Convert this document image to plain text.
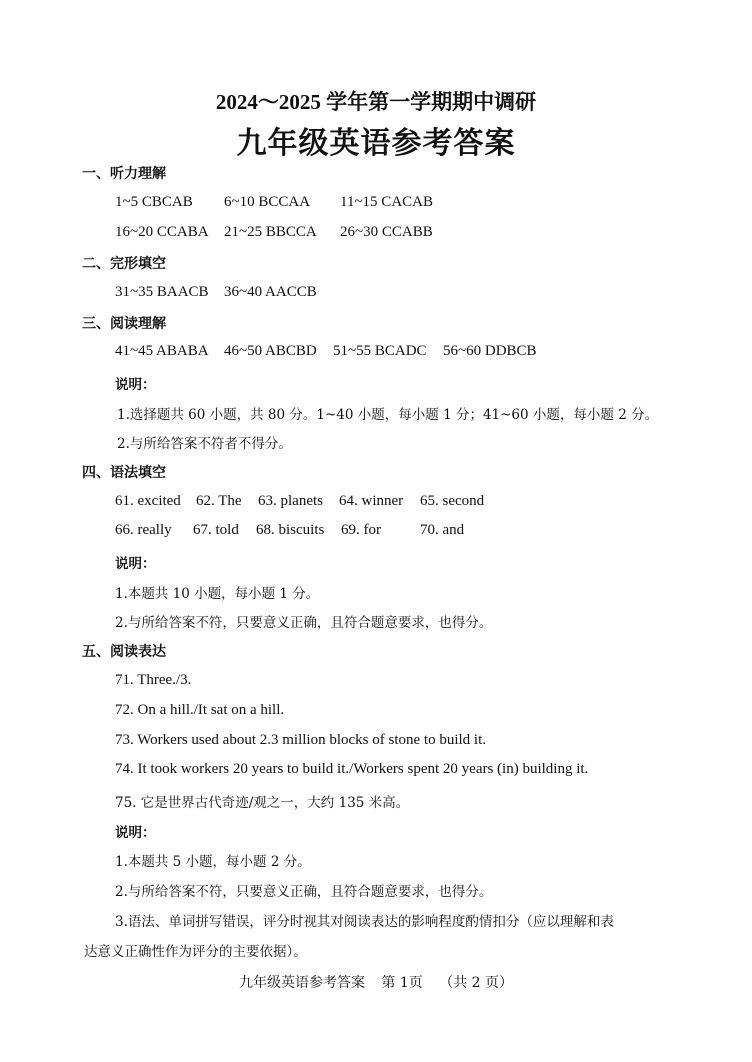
2024～2025 学年第一学期期中调研
九年级英语参考答案
一、听力理解
1~5 CBCAB 6~10 BCCAA 11~15 CACAB
16~20 CCABA 21~25 BBCCA 26~30 CCABB
二、完形填空
31~35 BAACB 36~40 AACCB
三、阅读理解
41~45 ABABA 46~50 ABCBD 51~55 BCADC 56~60 DDBCB
说明：
1.选择题共 60 小题，共 80 分。1~40 小题，每小题 1 分；41~60 小题，每小题 2 分。
2.与所给答案不符者不得分。
四、语法填空
61. excited 62. The 63. planets 64. winner 65. second
66. really 67. told 68. biscuits 69. for	70. and
说明：
1.本题共 10 小题，每小题 1 分。
2.与所给答案不符，只要意义正确，且符合题意要求，也得分。
五、阅读表达
71. Three./3.
72. On a hill./It sat on a hill.
73. Workers used about 2.3 million blocks of stone to build it.
74. It took workers 20 years to build it./Workers spent 20 years (in) building it.
75. 它是世界古代奇迹/观之一，大约 135 米高。
说明：
1.本题共 5 小题，每小题 2 分。
2.与所给答案不符，只要意义正确，且符合题意要求，也得分。
3.语法、单词拼写错误，评分时视其对阅读表达的影响程度酌情扣分（应以理解和表
达意义正确性作为评分的主要依据）。
九年级英语参考答案 第 1页 （共 2 页）
